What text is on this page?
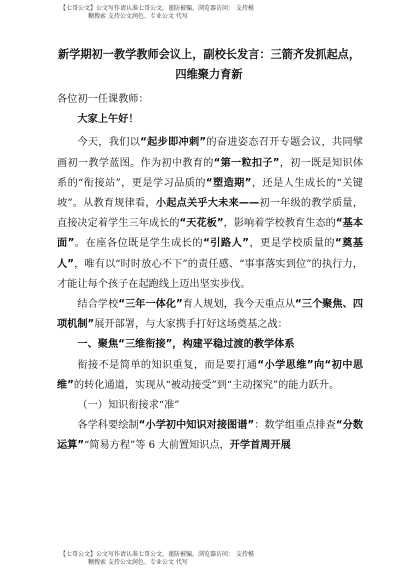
【七哥公文】公文写作请认准七哥公文，谨防被骗，浏览器访问： 支持模
糊搜索 支持公文润色、专业公文 代写
新学期初一教学教师会议上，副校长发言：三箭齐发抓起点，
四维聚力育新

各位初一任课教师：

大家上午好！

今天，我们以“起步即冲刺”的奋进姿态召开专题会议，共同擘画初一教学蓝图。作为初中教育的“第一粒扣子”，初一既是知识体系的“衔接站”，更是学习品质的“塑造期”，还是人生成长的“关键坡”。从教育规律看，小起点关乎大未来——初一年级的教学质量，直接决定着学生三年成长的“天花板”，影响着学校教育生态的“基本面”。在座各位既是学生成长的“引路人”，更是学校质量的“奠基人”，唯有以“时时放心不下”的责任感、“事事落实到位”的执行力，才能让每个孩子在起跑线上迈出坚实步伐。

结合学校“三年一体化”育人规划，我今天重点从“三个聚焦、四项机制”展开部署，与大家携手打好这场奠基之战：

一、聚焦“三维衔接”，构建平稳过渡的教学体系

衔接不是简单的知识重复，而是要打通“小学思维”向“初中思维”的转化通道，实现从“被动接受”到“主动探究”的能力跃升。

（一）知识衔接求“准”

各学科要绘制“小学初中知识对接图谱”：数学组重点排查“分数运算”“简易方程”等 6 大前置知识点，开学首周开展

【七哥公文】公文写作请认准七哥公文，谨防被骗，浏览器访问： 支持模
糊搜索 支持公文润色、专业公文 代写
